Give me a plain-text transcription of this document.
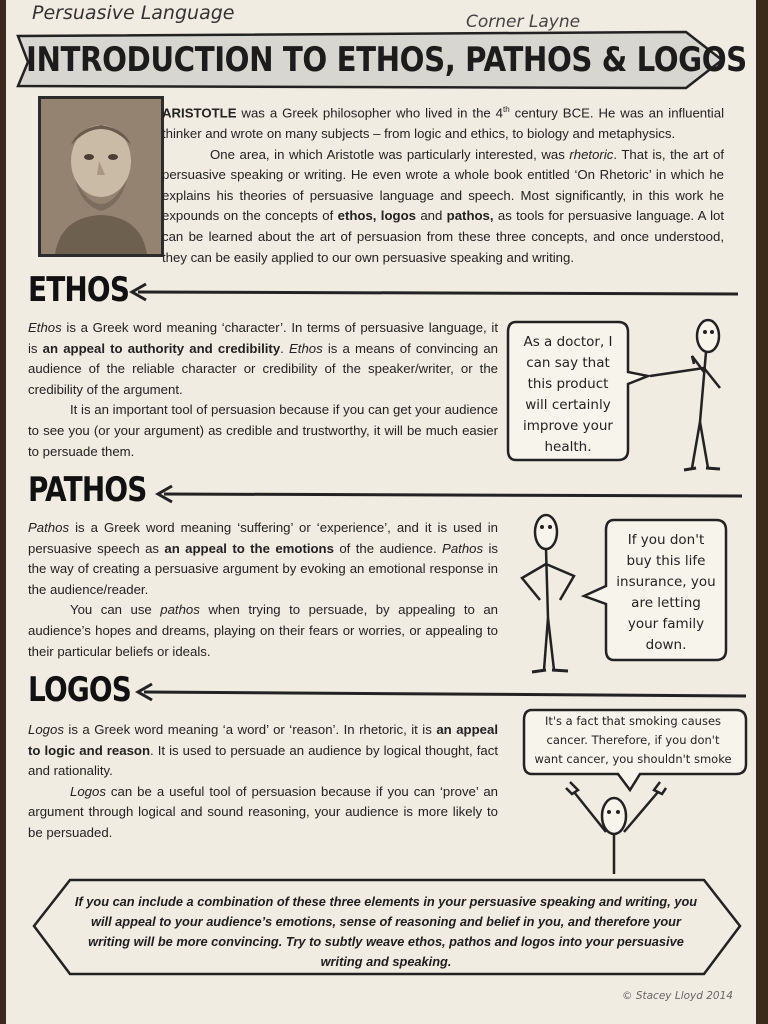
Persuasive Language	Corner Layne
INTRODUCTION TO ETHOS, PATHOS & LOGOS
ARISTOTLE was a Greek philosopher who lived in the 4th century BCE. He was an influential thinker and wrote on many subjects – from logic and ethics, to biology and metaphysics.
One area, in which Aristotle was particularly interested, was rhetoric. That is, the art of persuasive speaking or writing. He even wrote a whole book entitled ‘On Rhetoric’ in which he explains his theories of persuasive language and speech. Most significantly, in this work he expounds on the concepts of ethos, logos and pathos, as tools for persuasive language. A lot can be learned about the art of persuasion from these three concepts, and once understood, they can be easily applied to our own persuasive speaking and writing.
ETHOS

Ethos is a Greek word meaning ‘character’. In terms of persuasive language, it is an appeal to authority and credibility. Ethos is a means of convincing an audience of the reliable character or credibility of the speaker/writer, or the credibility of the argument.

It is an important tool of persuasion because if you can get your audience to see you (or your argument) as credible and trustworthy, it will be much easier to persuade them.

As a doctor, I
can say that
this product
will certainly
improve your
health.
PATHOS

Pathos is a Greek word meaning ‘suffering’ or ‘experience’, and it is used in persuasive speech as an appeal to the emotions of the audience. Pathos is the way of creating a persuasive argument by evoking an emotional response in the audience/reader.

You can use pathos when trying to persuade, by appealing to an audience’s hopes and dreams, playing on their fears or worries, or appealing to their particular beliefs or ideals.

If you don't
buy this life
insurance, you
are letting
your family
down.
LOGOS

Logos is a Greek word meaning ‘a word’ or ‘reason’. In rhetoric, it is an appeal to logic and reason. It is used to persuade an audience by logical thought, fact and rationality.

Logos can be a useful tool of persuasion because if you can ‘prove’ an argument through logical and sound reasoning, your audience is more likely to be persuaded.

It's a fact that smoking causes
cancer. Therefore, if you don't
want cancer, you shouldn't smoke
If you can include a combination of these three elements in your persuasive speaking and writing, you will appeal to your audience’s emotions, sense of reasoning and belief in you, and therefore your writing will be more convincing. Try to subtly weave ethos, pathos and logos into your persuasive writing and speaking.
© Stacey Lloyd 2014
